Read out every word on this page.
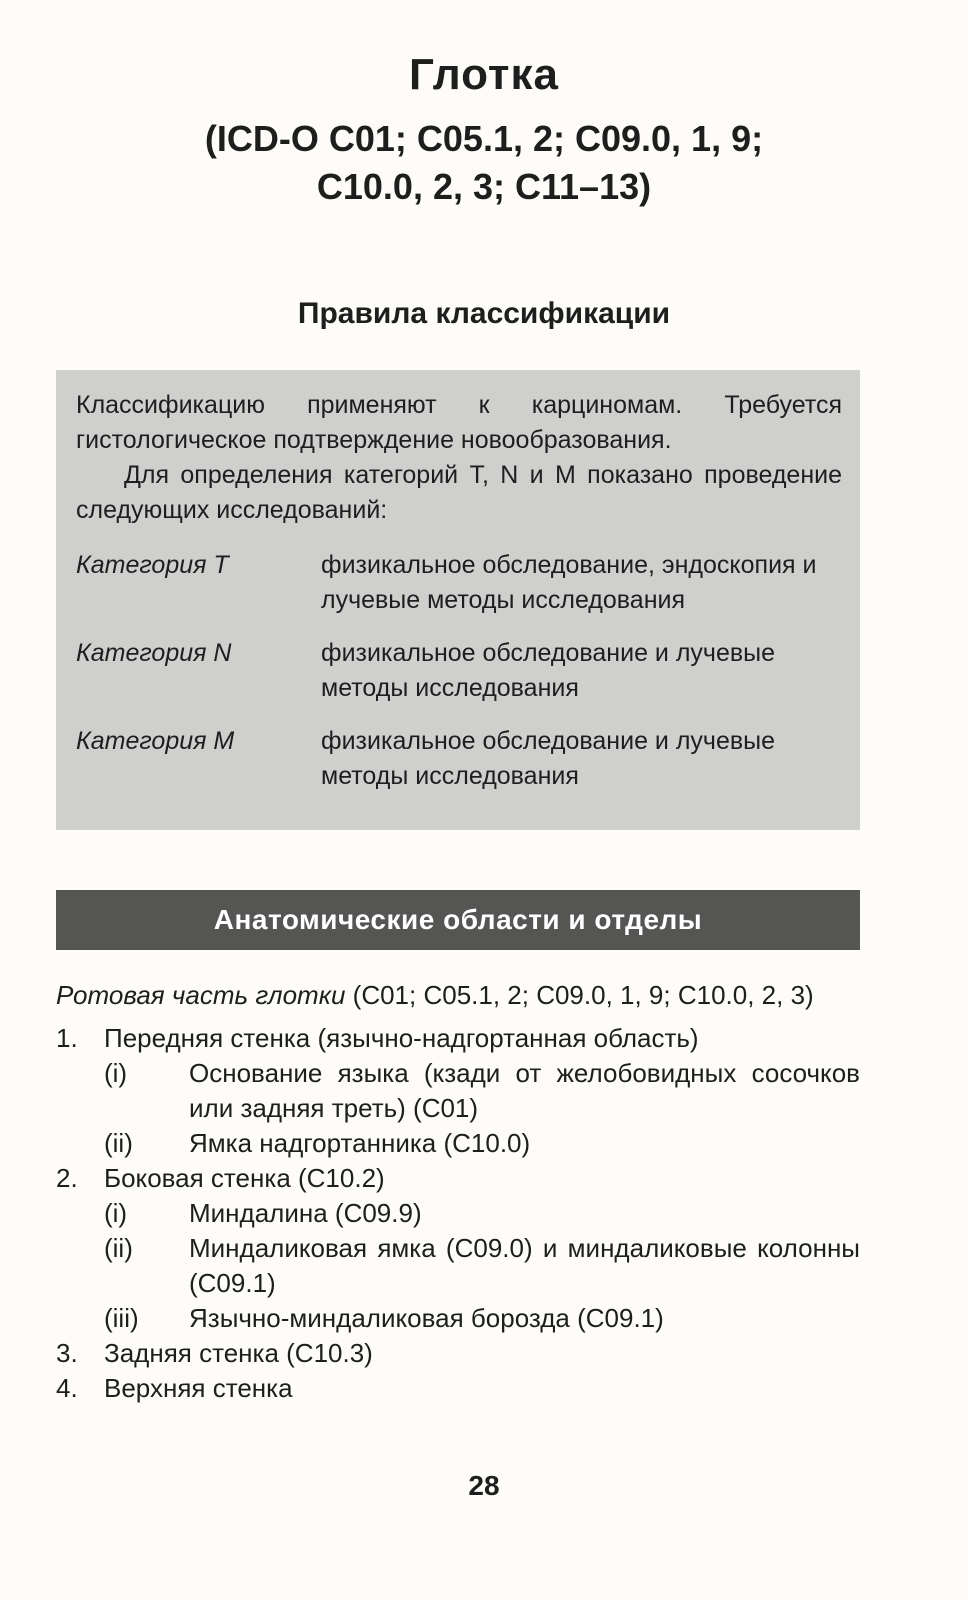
Глотка
(ICD-O C01; C05.1, 2; C09.0, 1, 9;
C10.0, 2, 3; C11–13)
Правила классификации

Классификацию применяют к карциномам. Требуется гистологическое подтверждение новообразования.

Для определения категорий T, N и M показано проведение следующих исследований:

Категория T	физикальное обследование, эндоскопия и лучевые методы исследования
Категория N	физикальное обследование и лучевые методы исследования
Категория M	физикальное обследование и лучевые методы исследования
Анатомические области и отделы

Ротовая часть глотки (C01; C05.1, 2; C09.0, 1, 9; C10.0, 2, 3)

1.	Передняя стенка (язычно-надгортанная область)
(i)	Основание языка (кзади от желобовидных сосочков или задняя треть) (C01)
(ii)	Ямка надгортанника (C10.0)
2.	Боковая стенка (C10.2)
(i)	Миндалина (C09.9)
(ii)	Миндаликовая ямка (C09.0) и миндаликовые колонны (C09.1)
(iii)	Язычно-миндаликовая борозда (C09.1)
3.	Задняя стенка (C10.3)
4.	Верхняя стенка
28
